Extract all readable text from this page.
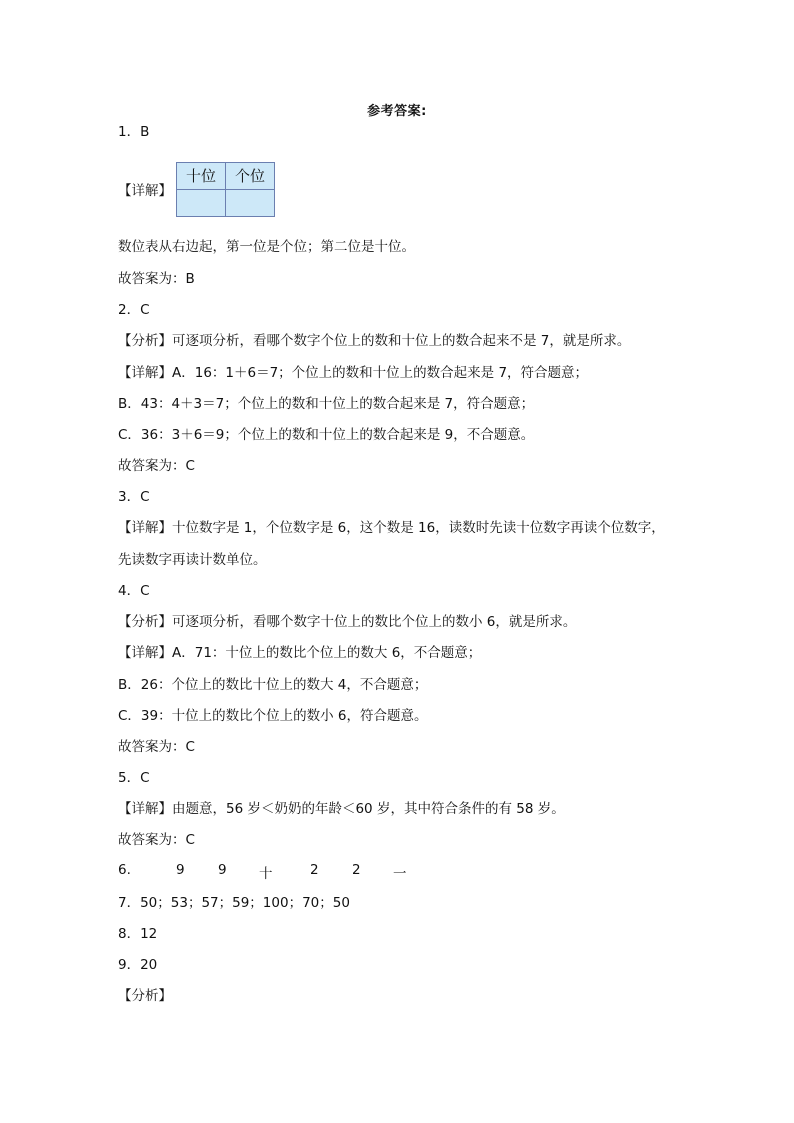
参考答案:
1．B
【详解】
十位	个位

数位表从右边起，第一位是个位；第二位是十位。
故答案为：B
2．C
【分析】可逐项分析，看哪个数字个位上的数和十位上的数合起来不是 7，就是所求。
【详解】A．16：1＋6＝7；个位上的数和十位上的数合起来是 7，符合题意；
B．43：4＋3＝7；个位上的数和十位上的数合起来是 7，符合题意；
C．36：3＋6＝9；个位上的数和十位上的数合起来是 9，不合题意。
故答案为：C
3．C
【详解】十位数字是 1，个位数字是 6，这个数是 16，读数时先读十位数字再读个位数字，
先读数字再读计数单位。
4．C
【分析】可逐项分析，看哪个数字十位上的数比个位上的数小 6，就是所求。
【详解】A．71：十位上的数比个位上的数大 6，不合题意；
B．26：个位上的数比十位上的数大 4，不合题意；
C．39：十位上的数比个位上的数小 6，符合题意。
故答案为：C
5．C
【详解】由题意，56 岁＜奶奶的年龄＜60 岁，其中符合条件的有 58 岁。
故答案为：C
6.	9 9 十	2 2 一
7．50；53；57；59；100；70；50
8．12
9．20
【分析】
